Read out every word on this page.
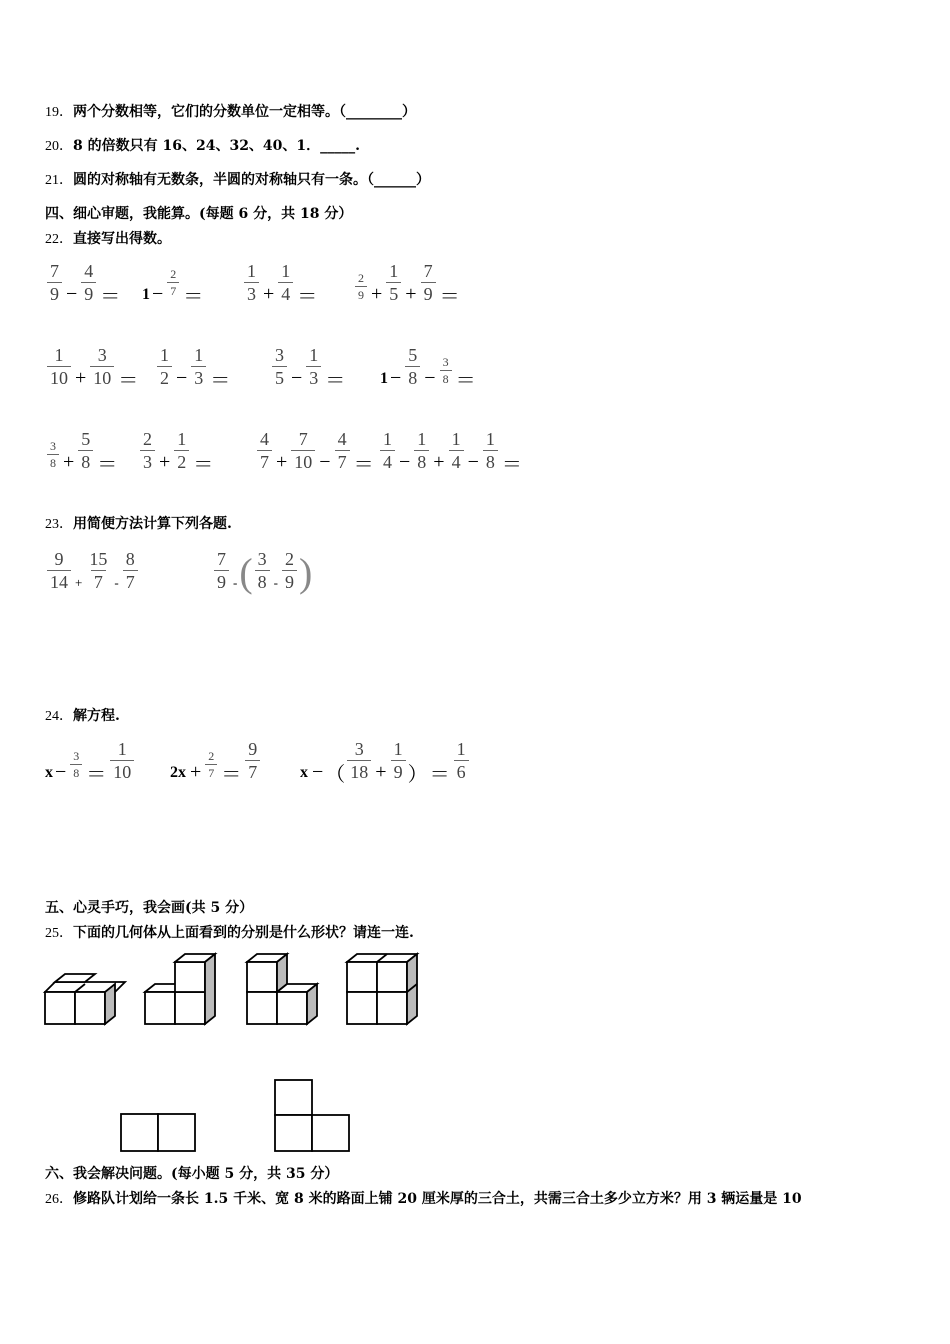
19．两个分数相等，它们的分数单位一定相等。（________）
20．8 的倍数只有 16、24、32、40、1．_____.
21．圆的对称轴有无数条，半圆的对称轴只有一条。（______）
四、细心审题，我能算。(每题 6 分，共 18 分）
22．直接写出得数。
$\frac{7}{9} - \frac{4}{9} = 1 - \frac{2}{7} = \frac{1}{3} + \frac{1}{4}$ ＝	$\frac{2}{9} + \frac{1}{5} + \frac{7}{9}$ ＝
$\frac{1}{10} + \frac{3}{10} = \frac{1}{2} - \frac{1}{3} = \frac{3}{5} - \frac{1}{3} = 1 - \frac{5}{8} - \frac{3}{8}$ ＝
$\frac{3}{8} + \frac{5}{8} = \frac{2}{3} + \frac{1}{2} = \frac{4}{7} + \frac{7}{10} - \frac{4}{7} = \frac{1}{4} - \frac{1}{8} + \frac{1}{4} - \frac{1}{8}$ ＝
23．用简便方法计算下列各题.
$\frac{9}{14} + \frac{15}{7} - \frac{8}{7}$	$\frac{7}{9}$ - ( $\frac{3}{8} - \frac{2}{9}$ )
24．解方程.
$x - \frac{3}{8} = \frac{1}{10} 2x + \frac{2}{7} = \frac{9}{7}$ x − （ $\frac{3}{18} + \frac{1}{9}$ ） ＝ $\frac{1}{6}$
五、心灵手巧，我会画(共 5 分）
25．下面的几何体从上面看到的分别是什么形状？请连一连.
六、我会解决问题。(每小题 5 分，共 35 分）
26．修路队计划给一条长 1.5 千米、宽 8 米的路面上铺 20 厘米厚的三合土，共需三合土多少立方米？用 3 辆运量是 10
